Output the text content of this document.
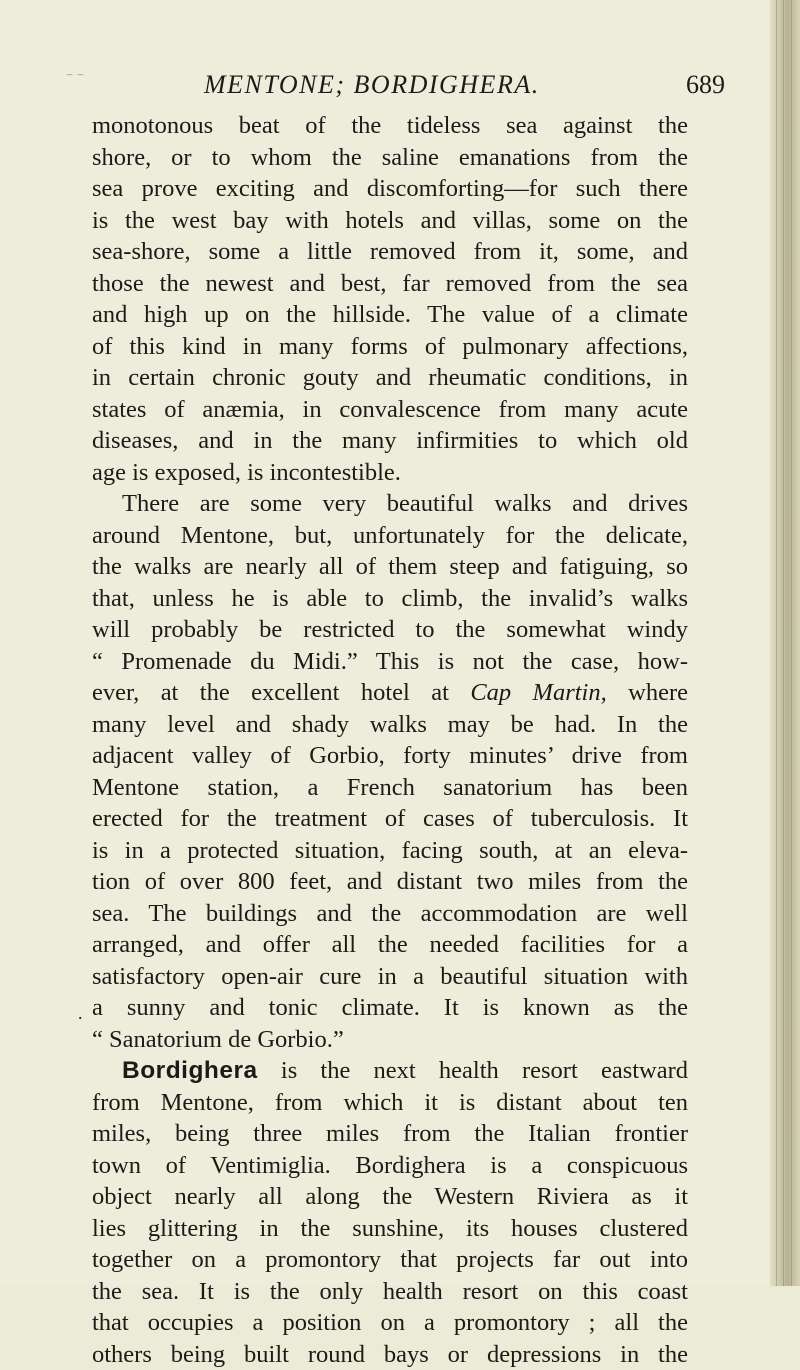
⁻ ⁻	MENTONE; BORDIGHERA.	689
.
monotonous beat of the tideless sea against the
shore, or to whom the saline emanations from the
sea prove exciting and discomforting—for such there
is the west bay with hotels and villas, some on the
sea-shore, some a little removed from it, some, and
those the newest and best, far removed from the sea
and high up on the hillside. The value of a climate
of this kind in many forms of pulmonary affections,
in certain chronic gouty and rheumatic conditions, in
states of anæmia, in convalescence from many acute
diseases, and in the many infirmities to which old
age is exposed, is incontestible.
There are some very beautiful walks and drives
around Mentone, but, unfortunately for the delicate,
the walks are nearly all of them steep and fatiguing, so
that, unless he is able to climb, the invalid’s walks
will probably be restricted to the somewhat windy
“ Promenade du Midi.” This is not the case, how-
ever, at the excellent hotel at Cap Martin, where
many level and shady walks may be had. In the
adjacent valley of Gorbio, forty minutes’ drive from
Mentone station, a French sanatorium has been
erected for the treatment of cases of tuberculosis. It
is in a protected situation, facing south, at an eleva-
tion of over 800 feet, and distant two miles from the
sea. The buildings and the accommodation are well
arranged, and offer all the needed facilities for a
satisfactory open-air cure in a beautiful situation with
a sunny and tonic climate. It is known as the
“ Sanatorium de Gorbio.”
Bordighera is the next health resort eastward
from Mentone, from which it is distant about ten
miles, being three miles from the Italian frontier
town of Ventimiglia. Bordighera is a conspicuous
object nearly all along the Western Riviera as it
lies glittering in the sunshine, its houses clustered
together on a promontory that projects far out into
the sea. It is the only health resort on this coast
that occupies a position on a promontory ; all the
others being built round bays or depressions in the
